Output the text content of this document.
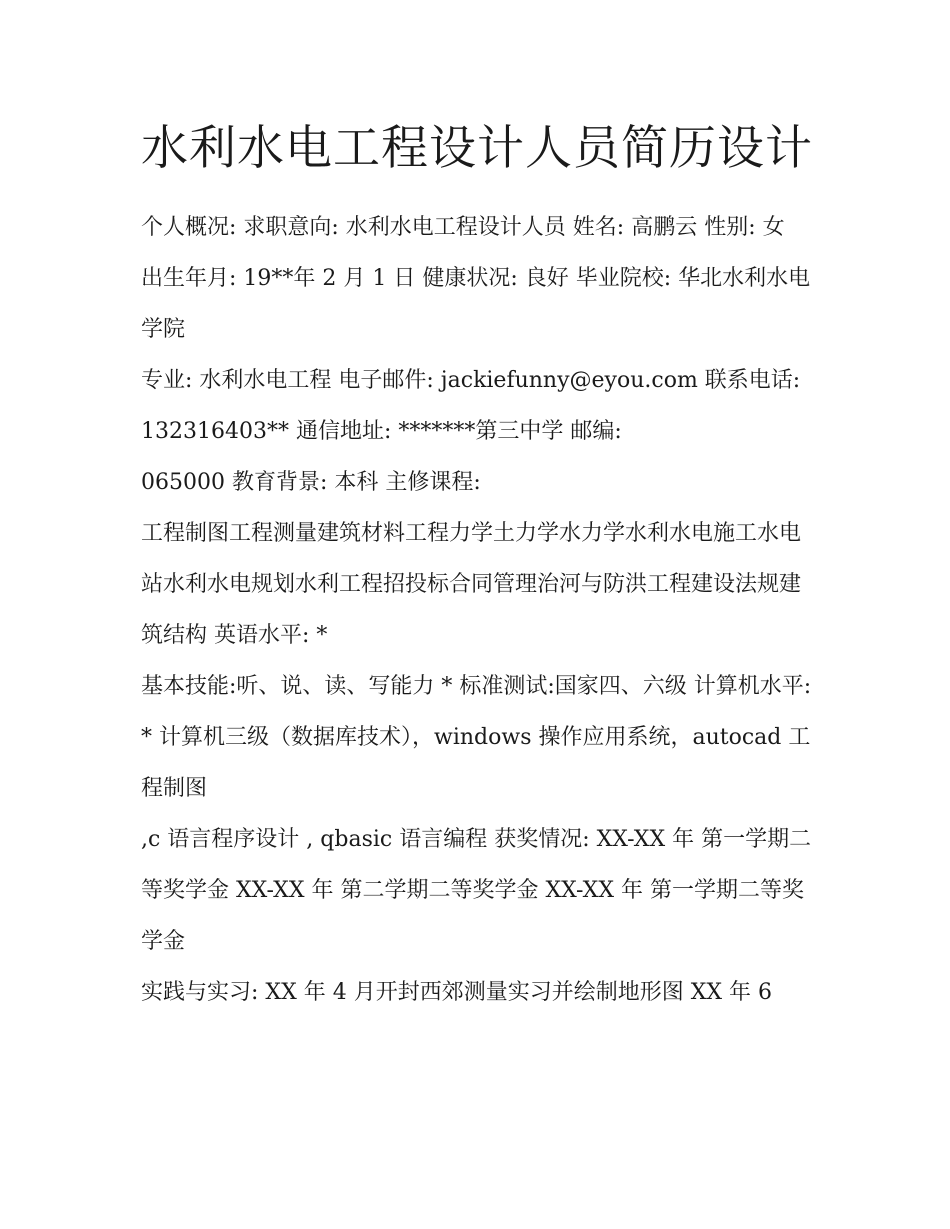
水利水电工程设计人员简历设计

个人概况: 求职意向: 水利水电工程设计人员 姓名: 高鹏云 性别: 女 出生年月: 19**年 2 月 1 日 健康状况: 良好 毕业院校: 华北水利水电学院

专业: 水利水电工程 电子邮件: jackiefunny@eyou.com 联系电话: 132316403** 通信地址: *******第三中学 邮编:

065000 教育背景: 本科 主修课程:

工程制图工程测量建筑材料工程力学土力学水力学水利水电施工水电站水利水电规划水利工程招投标合同管理治河与防洪工程建设法规建筑结构 英语水平: *

基本技能:听、说、读、写能力 * 标准测试:国家四、六级 计算机水平: * 计算机三级（数据库技术），windows 操作应用系统，autocad 工程制图

,c 语言程序设计 , qbasic 语言编程 获奖情况: XX-XX 年 第一学期二等奖学金 XX-XX 年 第二学期二等奖学金 XX-XX 年 第一学期二等奖学金

实践与实习: XX 年 4 月开封西郊测量实习并绘制地形图 XX 年 6
